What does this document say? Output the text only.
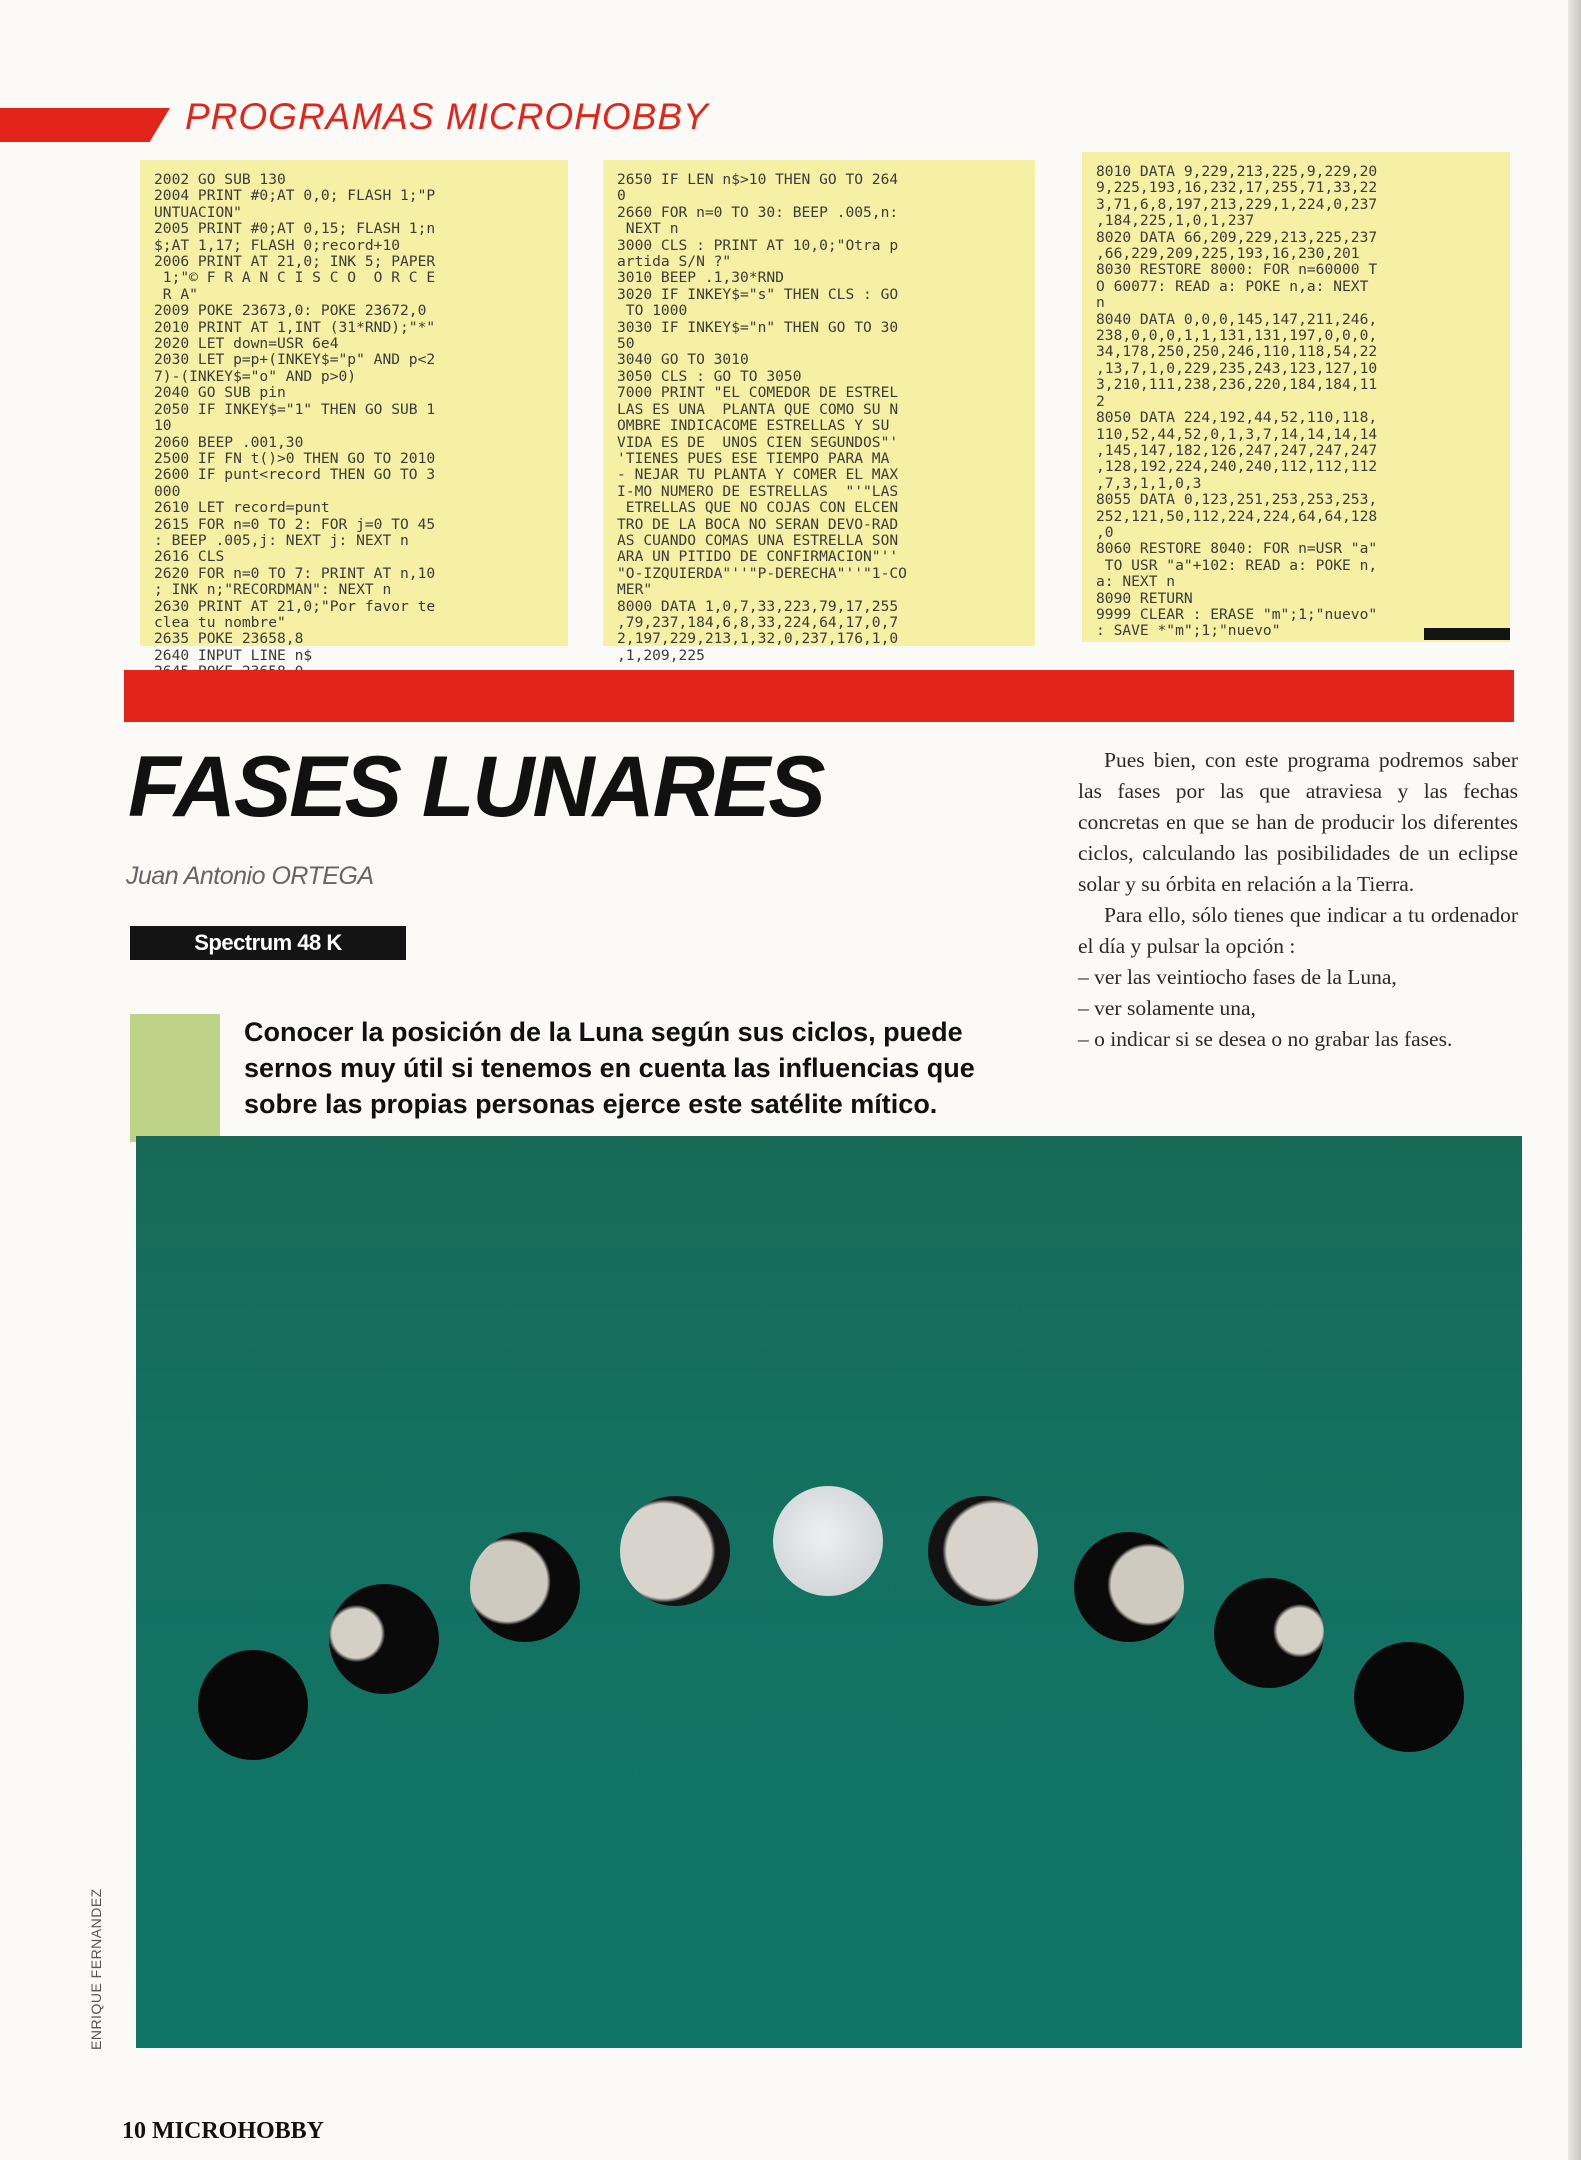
PROGRAMAS MICROHOBBY
2002 GO SUB 130
2004 PRINT #0;AT 0,0; FLASH 1;"P
UNTUACION"
2005 PRINT #0;AT 0,15; FLASH 1;n
$;AT 1,17; FLASH 0;record+10
2006 PRINT AT 21,0; INK 5; PAPER
1;"© F R A N C I S C O  O R C E
R A"
2009 POKE 23673,0: POKE 23672,0
2010 PRINT AT 1,INT (31*RND);"*"
2020 LET down=USR 6e4
2030 LET p=p+(INKEY$="p" AND p<2
7)-(INKEY$="o" AND p>0)
2040 GO SUB pin
2050 IF INKEY$="1" THEN GO SUB 1
10
2060 BEEP .001,30
2500 IF FN t()>0 THEN GO TO 2010
2600 IF punt<record THEN GO TO 3
000
2610 LET record=punt
2615 FOR n=0 TO 2: FOR j=0 TO 45
: BEEP .005,j: NEXT j: NEXT n
2616 CLS
2620 FOR n=0 TO 7: PRINT AT n,10
; INK n;"RECORDMAN": NEXT n
2630 PRINT AT 21,0;"Por favor te
clea tu nombre"
2635 POKE 23658,8
2640 INPUT LINE n$
2650 IF LEN n$>10 THEN GO TO 264
0
2660 FOR n=0 TO 30: BEEP .005,n:
NEXT n
3000 CLS : PRINT AT 10,0;"Otra p
artida S/N ?"
3010 BEEP .1,30*RND
3020 IF INKEY$="s" THEN CLS : GO
TO 1000
3030 IF INKEY$="n" THEN GO TO 30
50
3040 GO TO 3010
3050 CLS : GO TO 3050
7000 PRINT "EL COMEDOR DE ESTREL
LAS ES UNA  PLANTA QUE COMO SU N
OMBRE INDICACOME ESTRELLAS Y SU
VIDA ES DE  UNOS CIEN SEGUNDOS"'
'TIENES PUES ESE TIEMPO PARA MA
- NEJAR TU PLANTA Y COMER EL MAX
I-MO NUMERO DE ESTRELLAS  "'"LAS
ETRELLAS QUE NO COJAS CON ELCEN
TRO DE LA BOCA NO SERAN DEVO-RAD
AS CUANDO COMAS UNA ESTRELLA SON
ARA UN PITIDO DE CONFIRMACION"''
"O-IZQUIERDA"''"P-DERECHA"''"1-CO
MER"
8000 DATA 1,0,7,33,223,79,17,255
,79,237,184,6,8,33,224,64,17,0,7
2,197,229,213,1,32,0,237,176,1,0
,1,209,225
8010 DATA 9,229,213,225,9,229,20
9,225,193,16,232,17,255,71,33,22
3,71,6,8,197,213,229,1,224,0,237
,184,225,1,0,1,237
8020 DATA 66,209,229,213,225,237
,66,229,209,225,193,16,230,201
8030 RESTORE 8000: FOR n=60000 T
O 60077: READ a: POKE n,a: NEXT
n
8040 DATA 0,0,0,145,147,211,246,
238,0,0,0,1,1,131,131,197,0,0,0,
34,178,250,250,246,110,118,54,22
,13,7,1,0,229,235,243,123,127,10
3,210,111,238,236,220,184,184,11
2
8050 DATA 224,192,44,52,110,118,
110,52,44,52,0,1,3,7,14,14,14,14
,145,147,182,126,247,247,247,247
,128,192,224,240,240,112,112,112
,7,3,1,1,0,3
8055 DATA 0,123,251,253,253,253,
252,121,50,112,224,224,64,64,128
,0
8060 RESTORE 8040: FOR n=USR "a"
TO USR "a"+102: READ a: POKE n,
a: NEXT n
8090 RETURN
9999 CLEAR : ERASE "m";1;"nuevo"
: SAVE *"m";1;"nuevo"
FASES LUNARES
Juan Antonio ORTEGA
Spectrum 48 K
Conocer la posición de la Luna según sus ciclos, puede sernos muy útil si tenemos en cuenta las influencias que sobre las propias personas ejerce este satélite mítico.

Pues bien, con este programa podremos saber las fases por las que atraviesa y las fechas concretas en que se han de producir los diferentes ciclos, calculando las posibilidades de un eclipse solar y su órbita en relación a la Tierra.

Para ello, sólo tienes que indicar a tu ordenador el día y pulsar la opción :

– ver las veintiocho fases de la Luna,
– ver solamente una,
– o indicar si se desea o no grabar las fases.
ENRIQUE FERNANDEZ
10 MICROHOBBY
